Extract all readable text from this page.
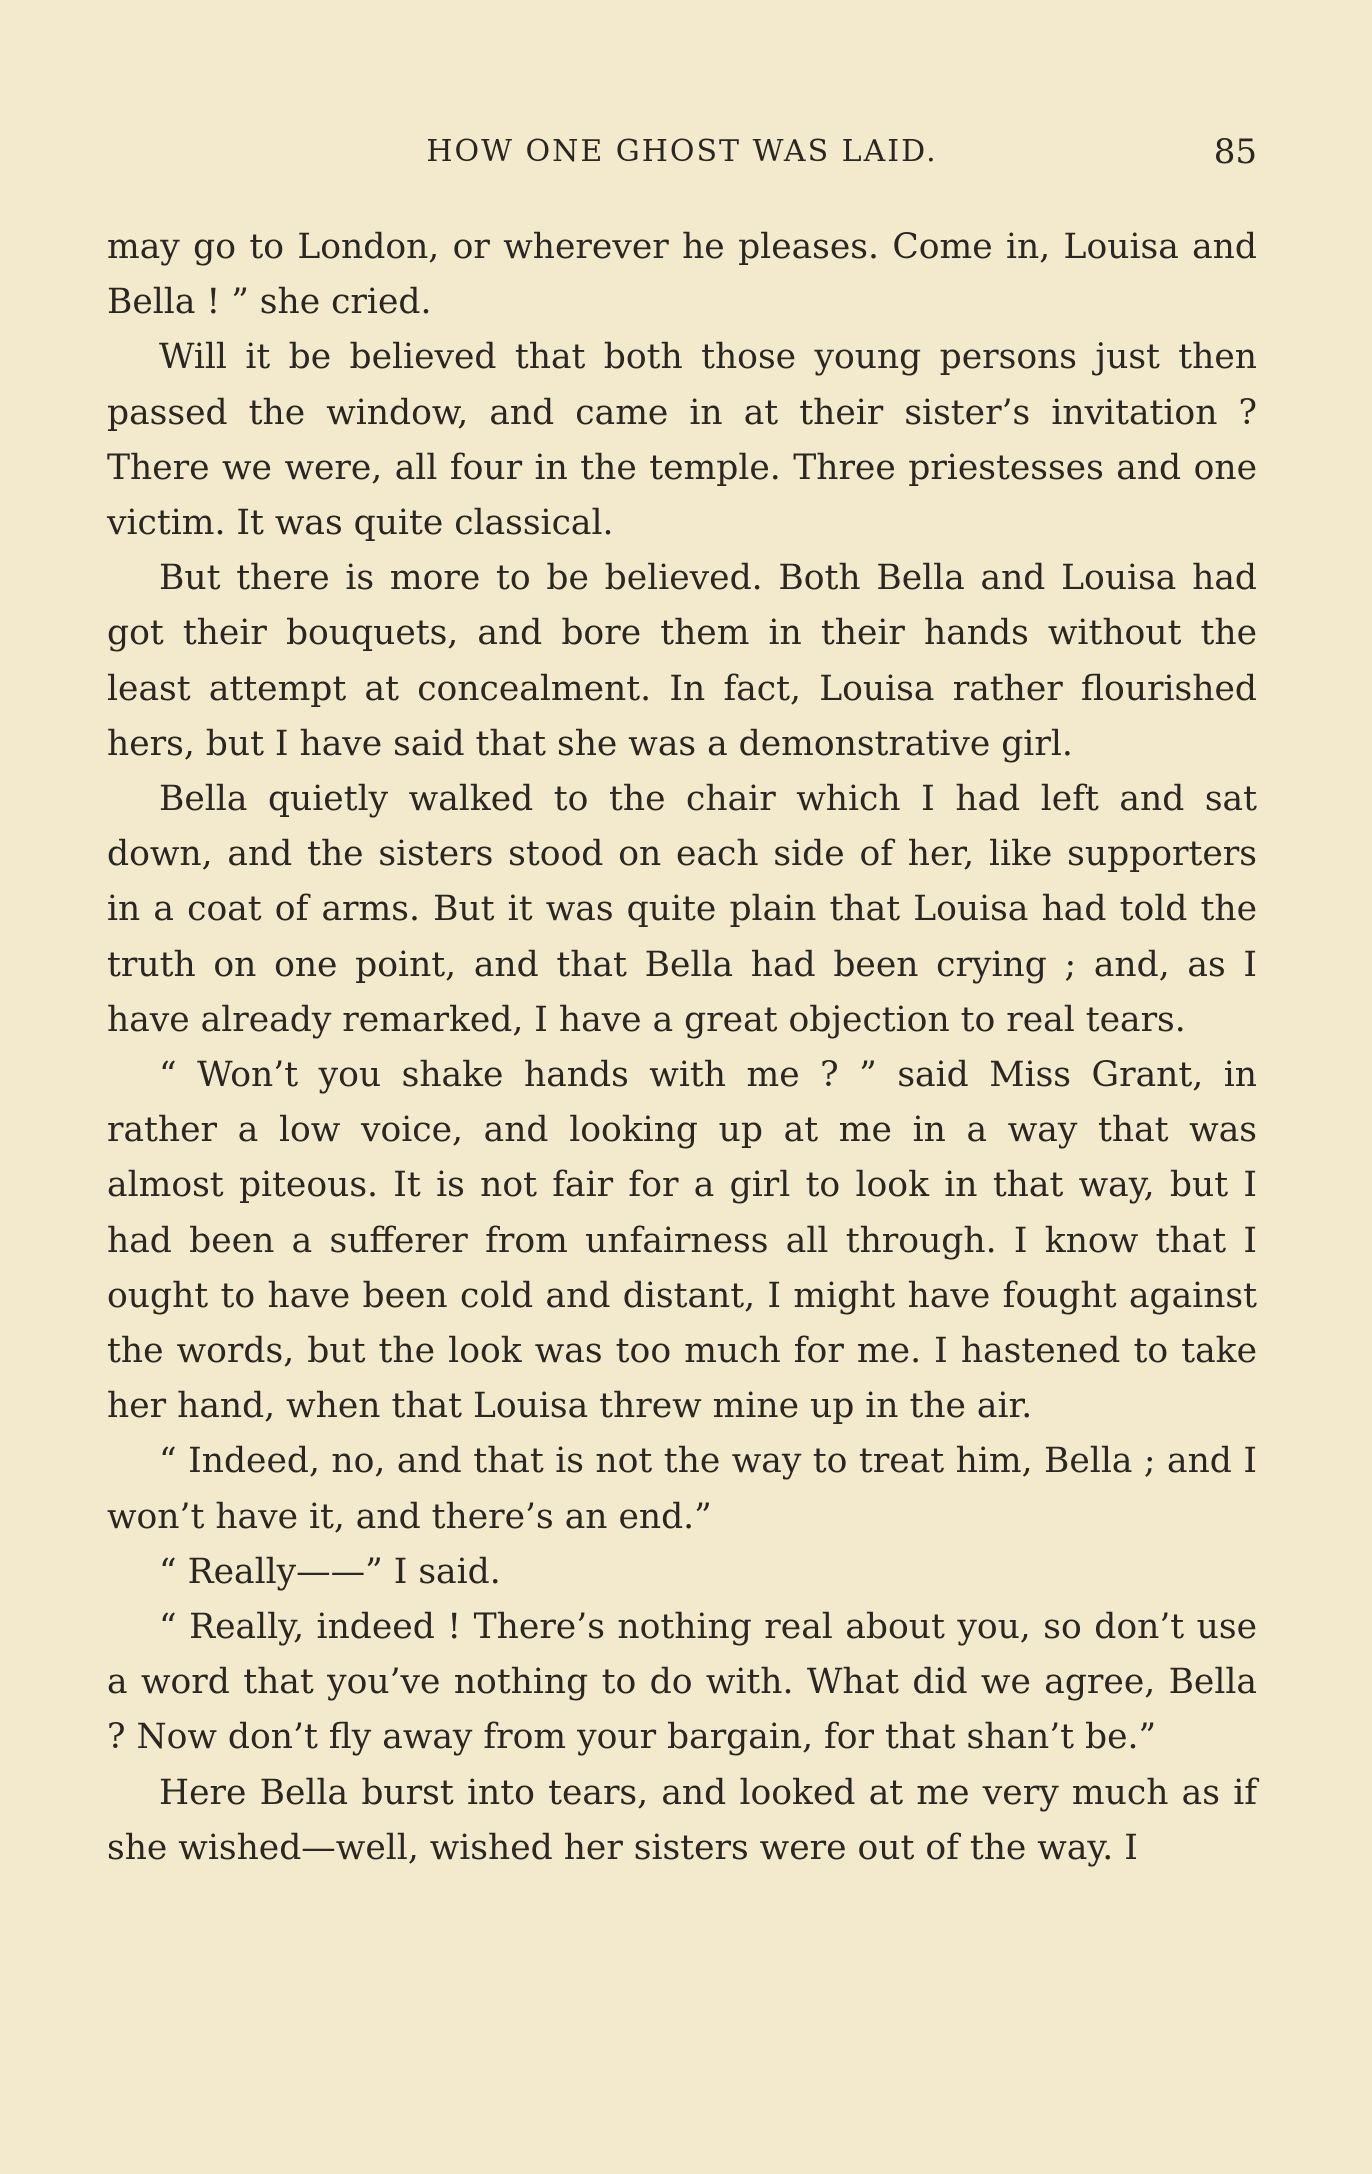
HOW ONE GHOST WAS LAID.	85

may go to London, or wherever he pleases. Come in, Louisa and Bella ! ” she cried.

Will it be believed that both those young persons just then passed the window, and came in at their sister’s invitation ? There we were, all four in the temple. Three priestesses and one victim. It was quite classical.

But there is more to be believed. Both Bella and Louisa had got their bouquets, and bore them in their hands without the least attempt at concealment. In fact, Louisa rather flourished hers, but I have said that she was a demonstrative girl.

Bella quietly walked to the chair which I had left and sat down, and the sisters stood on each side of her, like supporters in a coat of arms. But it was quite plain that Louisa had told the truth on one point, and that Bella had been crying ; and, as I have already remarked, I have a great objection to real tears.

“ Won’t you shake hands with me ? ” said Miss Grant, in rather a low voice, and looking up at me in a way that was almost piteous. It is not fair for a girl to look in that way, but I had been a sufferer from unfairness all through. I know that I ought to have been cold and distant, I might have fought against the words, but the look was too much for me. I hastened to take her hand, when that Louisa threw mine up in the air.

“ Indeed, no, and that is not the way to treat him, Bella ; and I won’t have it, and there’s an end.”

“ Really——” I said.

“ Really, indeed ! There’s nothing real about you, so don’t use a word that you’ve nothing to do with. What did we agree, Bella ? Now don’t fly away from your bargain, for that shan’t be.”

Here Bella burst into tears, and looked at me very much as if she wished—well, wished her sisters were out of the way. I
